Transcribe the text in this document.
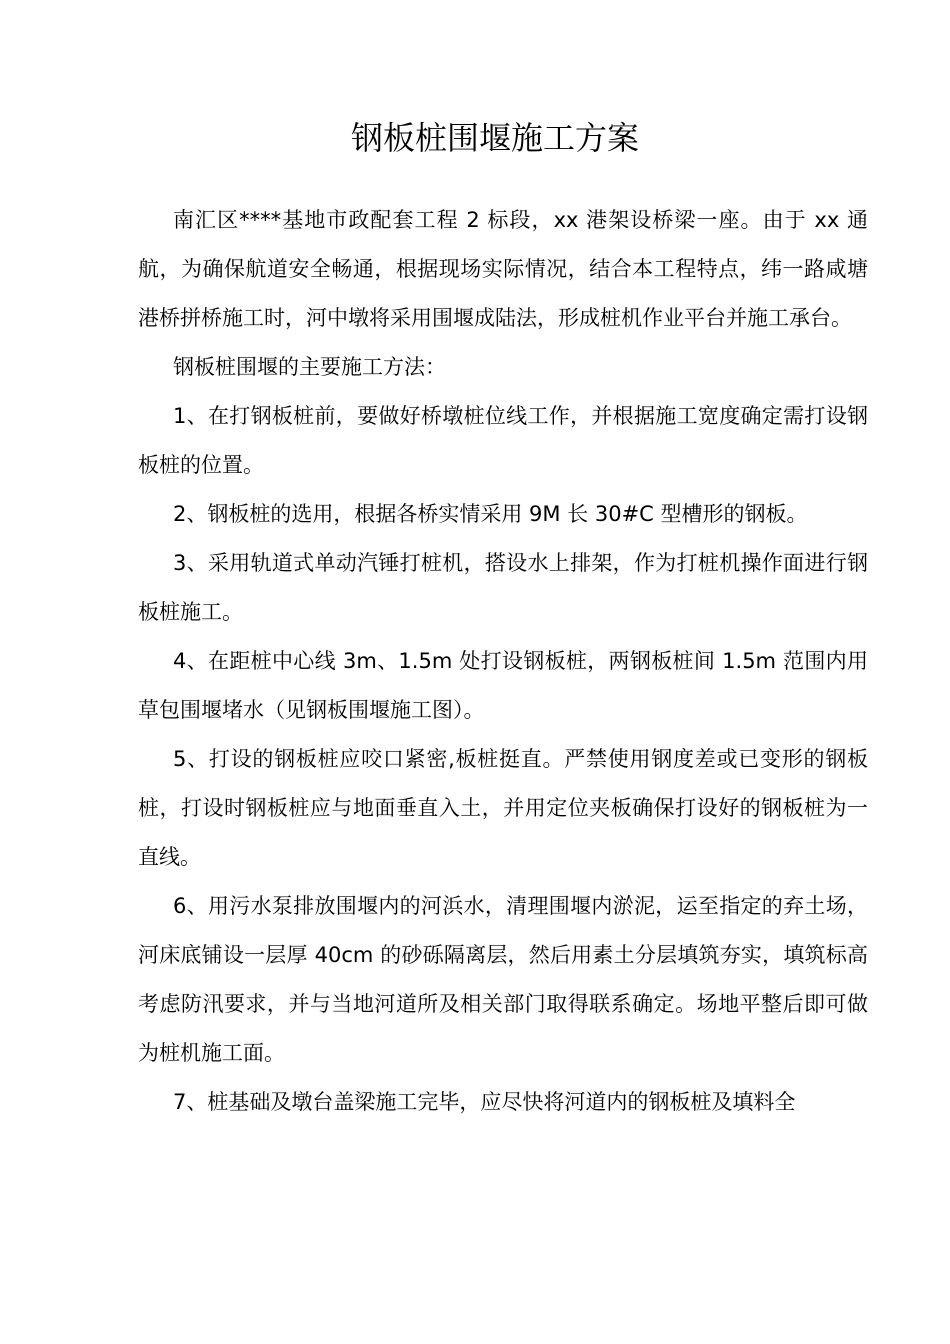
钢板桩围堰施工方案

南汇区****基地市政配套工程 2 标段，xx 港架设桥梁一座。由于 xx 通航，为确保航道安全畅通，根据现场实际情况，结合本工程特点，纬一路咸塘港桥拼桥施工时，河中墩将采用围堰成陆法，形成桩机作业平台并施工承台。

钢板桩围堰的主要施工方法：

1、在打钢板桩前，要做好桥墩桩位线工作，并根据施工宽度确定需打设钢板桩的位置。

2、钢板桩的选用，根据各桥实情采用 9M 长 30#C 型槽形的钢板。

3、采用轨道式单动汽锤打桩机，搭设水上排架，作为打桩机操作面进行钢板桩施工。

4、在距桩中心线 3m、1.5m 处打设钢板桩，两钢板桩间 1.5m 范围内用草包围堰堵水（见钢板围堰施工图）。

5、打设的钢板桩应咬口紧密,板桩挺直。严禁使用钢度差或已变形的钢板桩，打设时钢板桩应与地面垂直入土，并用定位夹板确保打设好的钢板桩为一直线。

6、用污水泵排放围堰内的河浜水，清理围堰内淤泥，运至指定的弃土场，河床底铺设一层厚 40cm 的砂砾隔离层，然后用素土分层填筑夯实，填筑标高考虑防汛要求，并与当地河道所及相关部门取得联系确定。场地平整后即可做为桩机施工面。

7、桩基础及墩台盖梁施工完毕，应尽快将河道内的钢板桩及填料全
